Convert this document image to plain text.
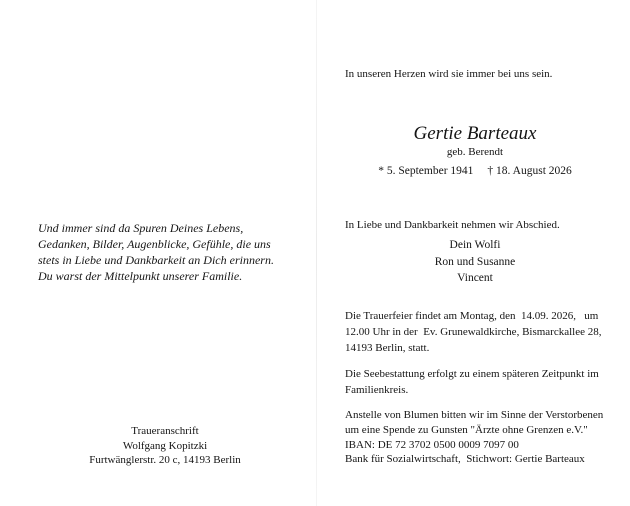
Und immer sind da Spuren Deines Lebens,
Gedanken, Bilder, Augenblicke, Gefühle, die uns
stets in Liebe und Dankbarkeit an Dich erinnern.
Du warst der Mittelpunkt unserer Familie.
Traueranschrift
Wolfgang Kopitzki
Furtwänglerstr. 20 c, 14193 Berlin
In unseren Herzen wird sie immer bei uns sein.
Gertie Barteaux
geb. Berendt
* 5. September 1941 † 18. August 2026
In Liebe und Dankbarkeit nehmen wir Abschied.
Dein Wolfi
Ron und Susanne
Vincent
Die Trauerfeier findet am Montag, den  14.09. 2026,   um
12.00 Uhr in der  Ev. Grunewaldkirche, Bismarckallee 28,
14193 Berlin, statt.
Die Seebestattung erfolgt zu einem späteren Zeitpunkt im
Familienkreis.
Anstelle von Blumen bitten wir im Sinne der Verstorbenen
um eine Spende zu Gunsten "Ärzte ohne Grenzen e.V."
IBAN: DE 72 3702 0500 0009 7097 00
Bank für Sozialwirtschaft,  Stichwort: Gertie Barteaux
